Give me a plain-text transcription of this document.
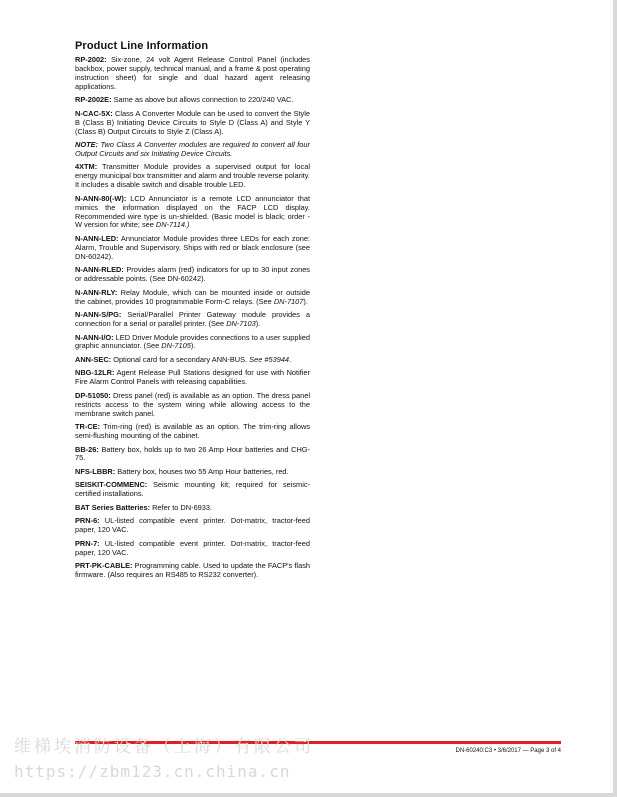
Product Line Information

RP-2002: Six-zone, 24 volt Agent Release Control Panel (includes backbox, power supply, technical manual, and a frame & post operating instruction sheet) for single and dual hazard agent releasing applications.

RP-2002E: Same as above but allows connection to 220/240 VAC.

N-CAC-5X: Class A Converter Module can be used to convert the Style B (Class B) Initiating Device Circuits to Style D (Class A) and Style Y (Class B) Output Circuits to Style Z (Class A).

NOTE: Two Class A Converter modules are required to convert all four Output Circuits and six Initiating Device Circuits.

4XTM: Transmitter Module provides a supervised output for local energy municipal box transmitter and alarm and trouble reverse polarity. It includes a disable switch and disable trouble LED.

N-ANN-80(-W): LCD Annunciator is a remote LCD annunciator that mimics the information displayed on the FACP LCD display. Recommended wire type is un-shielded. (Basic model is black; order -W version for white; see DN-7114.)

N-ANN-LED: Annunciator Module provides three LEDs for each zone: Alarm, Trouble and Supervisory. Ships with red or black enclosure (see DN-60242).

N-ANN-RLED: Provides alarm (red) indicators for up to 30 input zones or addressable points. (See DN-60242).

N-ANN-RLY: Relay Module, which can be mounted inside or outside the cabinet, provides 10 programmable Form-C relays. (See DN-7107).

N-ANN-S/PG: Serial/Parallel Printer Gateway module provides a connection for a serial or parallel printer. (See DN-7103).

N-ANN-I/O: LED Driver Module provides connections to a user supplied graphic annunciator. (See DN-7105).

ANN-SEC: Optional card for a secondary ANN-BUS. See #53944.

NBG-12LR: Agent Release Pull Stations designed for use with Notifier Fire Alarm Control Panels with releasing capabilities.

DP-51050: Dress panel (red) is available as an option. The dress panel restricts access to the system wiring while allowing access to the membrane switch panel.

TR-CE: Trim-ring (red) is available as an option. The trim-ring allows semi-flushing mounting of the cabinet.

BB-26: Battery box, holds up to two 26 Amp Hour batteries and CHG-75.

NFS-LBBR: Battery box, houses two 55 Amp Hour batteries, red.

SEISKIT-COMMENC: Seismic mounting kit; required for seismic-certified installations.

BAT Series Batteries: Refer to DN-6933.

PRN-6: UL-listed compatible event printer. Dot-matrix, tractor-feed paper, 120 VAC.

PRN-7: UL-listed compatible event printer. Dot-matrix, tractor-feed paper, 120 VAC.

PRT-PK-CABLE: Programming cable. Used to update the FACP's flash firmware. (Also requires an RS485 to RS232 converter).

DN-60240:C3 • 3/6/2017 — Page 3 of 4
维梯埃消防设备（上海）有限公司
https://zbm123.cn.china.cn
